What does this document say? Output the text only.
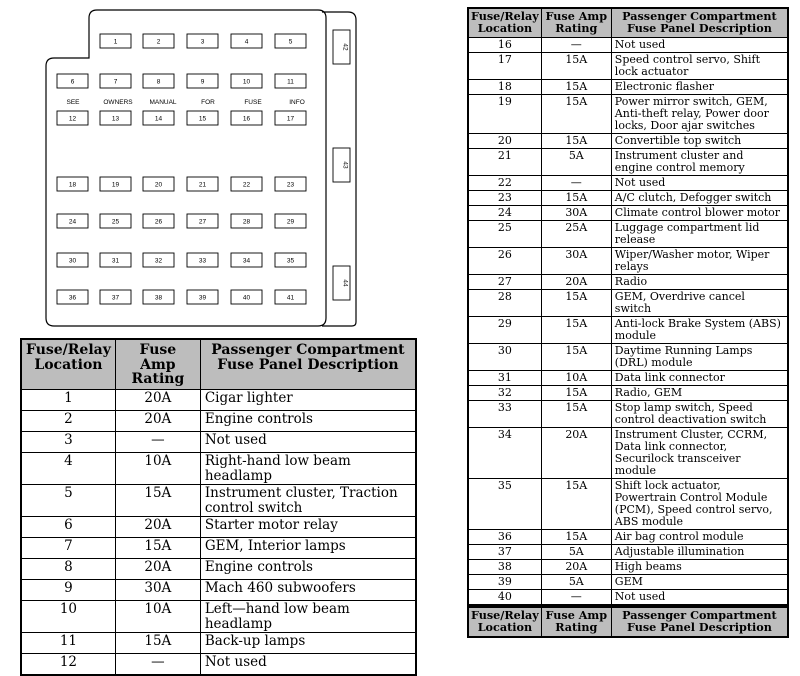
1	2	3	4	5
6	7	8	9	10	11
12	13	14	15	16	17
18	19	20	21	22	23
24	25	26	27	28	29
30	31	32	33	34	35
36	37	38	39	40	41
42
43
44
SEE	OWNERS	MANUAL	FOR	FUSE	INFO
Fuse/Relay Location	Fuse Amp Rating	Passenger Compartment Fuse Panel Description
1	20A	Cigar lighter
2	20A	Engine controls
3	—	Not used
4	10A	Right-hand low beam headlamp
5	15A	Instrument cluster, Traction control switch
6	20A	Starter motor relay
7	15A	GEM, Interior lamps
8	20A	Engine controls
9	30A	Mach 460 subwoofers
10	10A	Left—hand low beam headlamp
11	15A	Back-up lamps
12	—	Not used
Fuse/Relay Location	Fuse Amp Rating	Passenger Compartment Fuse Panel Description
16	—	Not used
17	15A	Speed control servo, Shift lock actuator
18	15A	Electronic flasher
19	15A	Power mirror switch, GEM, Anti-theft relay, Power door locks, Door ajar switches
20	15A	Convertible top switch
21	5A	Instrument cluster and engine control memory
22	—	Not used
23	15A	A/C clutch, Defogger switch
24	30A	Climate control blower motor
25	25A	Luggage compartment lid release
26	30A	Wiper/Washer motor, Wiper relays
27	20A	Radio
28	15A	GEM, Overdrive cancel switch
29	15A	Anti-lock Brake System (ABS) module
30	15A	Daytime Running Lamps (DRL) module
31	10A	Data link connector
32	15A	Radio, GEM
33	15A	Stop lamp switch, Speed control deactivation switch
34	20A	Instrument Cluster, CCRM, Data link connector, Securilock transceiver module
35	15A	Shift lock actuator, Powertrain Control Module (PCM), Speed control servo, ABS module
36	15A	Air bag control module
37	5A	Adjustable illumination
38	20A	High beams
39	5A	GEM
40	—	Not used
Fuse/Relay Location	Fuse Amp Rating	Passenger Compartment Fuse Panel Description
